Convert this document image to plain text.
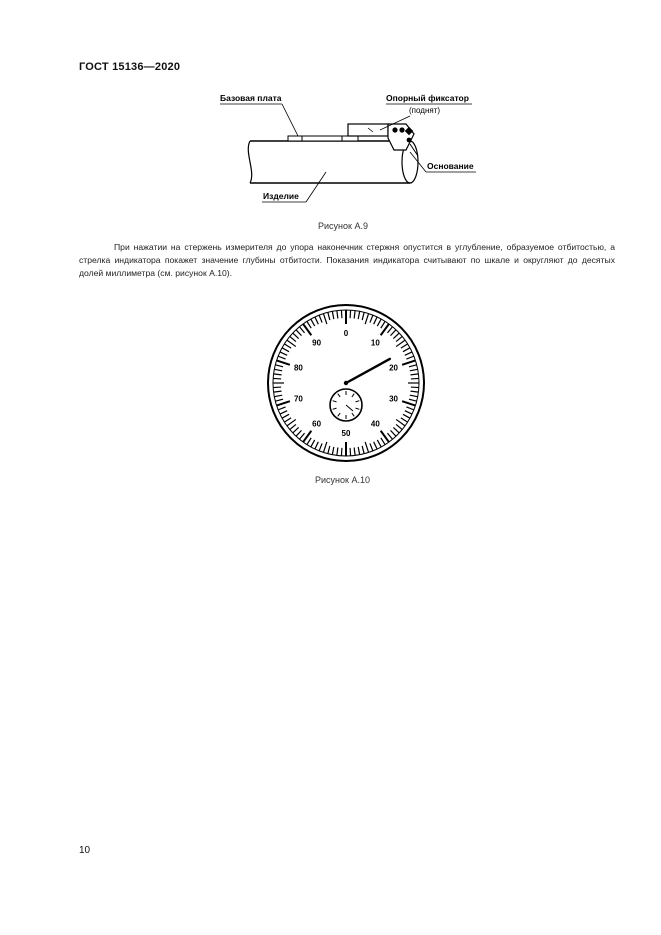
ГОСТ 15136—2020
Базовая плата	Опорный фиксатор
(поднят)
Основание
Изделие
Рисунок А.9

При нажатии на стержень измерителя до упора наконечник стержня опустится в углубление, образуемое отбитостью, а стрелка индикатора покажет значение глубины отбитости. Показания индикатора считывают по шкале и округляют до десятых долей миллиметра (см. рисунок А.10).

0
10
20
30
40
50
60
70
80
90
Рисунок А.10
10
